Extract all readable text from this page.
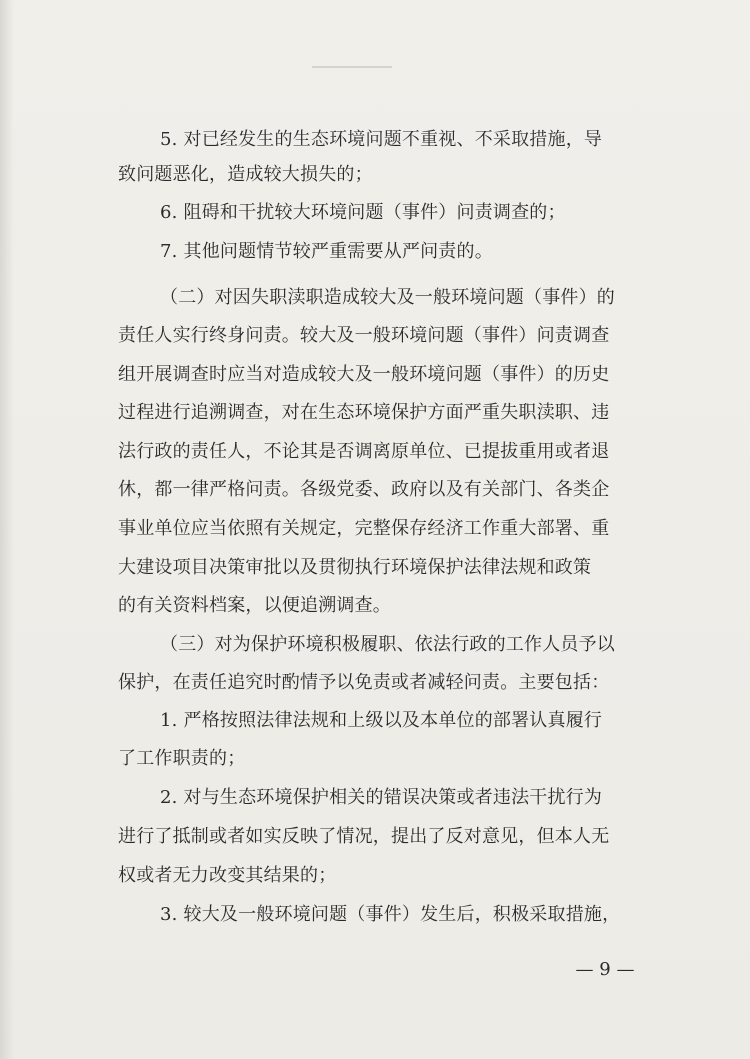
5. 对已经发生的生态环境问题不重视、不采取措施，导
致问题恶化，造成较大损失的；
6. 阻碍和干扰较大环境问题（事件）问责调查的；
7. 其他问题情节较严重需要从严问责的。
（二）对因失职渎职造成较大及一般环境问题（事件）的
责任人实行终身问责。较大及一般环境问题（事件）问责调查
组开展调查时应当对造成较大及一般环境问题（事件）的历史
过程进行追溯调查，对在生态环境保护方面严重失职渎职、违
法行政的责任人，不论其是否调离原单位、已提拔重用或者退
休，都一律严格问责。各级党委、政府以及有关部门、各类企
事业单位应当依照有关规定，完整保存经济工作重大部署、重
大建设项目决策审批以及贯彻执行环境保护法律法规和政策
的有关资料档案，以便追溯调查。
（三）对为保护环境积极履职、依法行政的工作人员予以
保护，在责任追究时酌情予以免责或者减轻问责。主要包括：
1. 严格按照法律法规和上级以及本单位的部署认真履行
了工作职责的；
2. 对与生态环境保护相关的错误决策或者违法干扰行为
进行了抵制或者如实反映了情况，提出了反对意见，但本人无
权或者无力改变其结果的；
3. 较大及一般环境问题（事件）发生后，积极采取措施，
— 9 —
